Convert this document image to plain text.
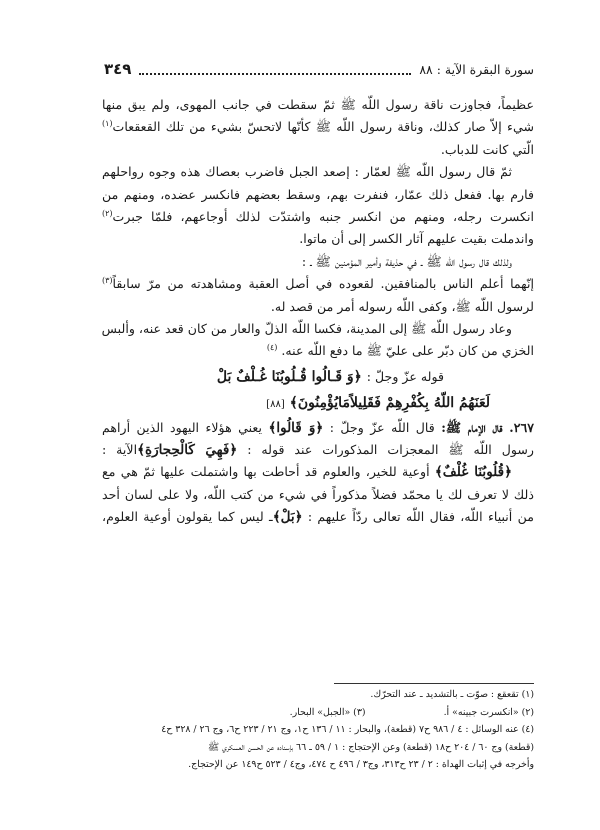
سورة البقرة الآية : ٨٨
٣٤٩
عظيماً، فجاوزت ناقة رسول اللّه ﷺ ثمّ سقطت في جانب المهوى، ولم يبق منها
شيء إلاّ صار كذلك، وناقة رسول اللّه ﷺ كأنّها لاتحسّ بشيء من تلك القعقعات$^{(١)}$
الّتي كانت للدباب.
ثمّ قال رسول اللّه ﷺ لعمّار : إصعد الجبل فاضرب بعصاك هذه وجوه رواحلهم
فارم بها. ففعل ذلك عمّار، فنفرت بهم، وسقط بعضهم فانكسر عضده، ومنهم من
انكسرت رجله، ومنهم من انكسر جنبه واشتدّت لذلك أوجاعهم، فلمّا جبرت$^{(٢)}$
واندملت بقيت عليهم آثار الكسر إلى أن ماتوا.
ولذلك قال رسول اللّه ﷺ ـ في حذيفة وأمير المؤمنين ﷺ ـ :
إنّهما أعلم الناس بالمنافقين. لقعوده في أصل العقبة ومشاهدته من مرّ سابقاً$^{(٣)}$
لرسول اللّه ﷺ، وكفى اللّه رسوله أمر من قصد له.
وعاد رسول اللّه ﷺ إلى المدينة، فكسا اللّه الذلّ والعار من كان قعد عنه، وألبس
الخزي من كان دبّر على عليّ ﷺ ما دفع اللّه عنه. $^{(٤)}$
قوله عزّ وجلّ : ﴿وَ قَـالُوا قُـلُوبُنَا غُـلْفٌ بَلْ
لَعَنَهُمُ اللّهُ بِكُفْرِهِمْ فَقَلِيلاًمَايُؤْمِنُونَ﴾ [٨٨]
٢٦٧. قال الإمام ﷺ: قال اللّه عزّ وجلّ : ﴿وَ قَالُوا﴾ يعني هؤلاء اليهود الذين أراهم
رسول اللّه ﷺ المعجزات المذكورات عند قوله : ﴿فَهِيَ كَالْحِجارَةِ﴾الآية :
﴿قُلُوبُنَا غُلْفٌ﴾ أوعية للخير، والعلوم قد أحاطت بها واشتملت عليها ثمّ هي مع
ذلك لا تعرف لك يا محمّد فضلاً مذكوراً في شيء من كتب اللّه، ولا على لسان أحد
من أنبياء اللّه، فقال اللّه تعالى ردّاً عليهم : ﴿بَلْ﴾ـ ليس كما يقولون أوعية العلوم،
(١) تقعقع : صوّت ـ بالتشديد ـ عند التحرّك.
(٢) «انكسرت جبينه» أ.
(٣) «الجبل» البحار.
(٤) عنه الوسائل : ٤ / ٩٨٦ ح٧ (قطعة)، والبحار : ١١ / ١٣٦ ح١، وج ٢١ / ٢٢٣ ح٦، وج ٢٦ / ٣٢٨ ح٤
(قطعة) وج ٦٠ / ٢٠٤ ح١٨ (قطعة) وعن الإحتجاج : ١ / ٥٩ ـ ٦٦ بإسناده عن الحسن العسكري ﷺ
وأخرجه في إثبات الهداة : ٢ / ٢٣ ح٣١٣، وج٣ / ٤٩٦ ح ٤٧٤، وج٤ / ٥٢٣ ح١٤٩ عن الإحتجاج.
